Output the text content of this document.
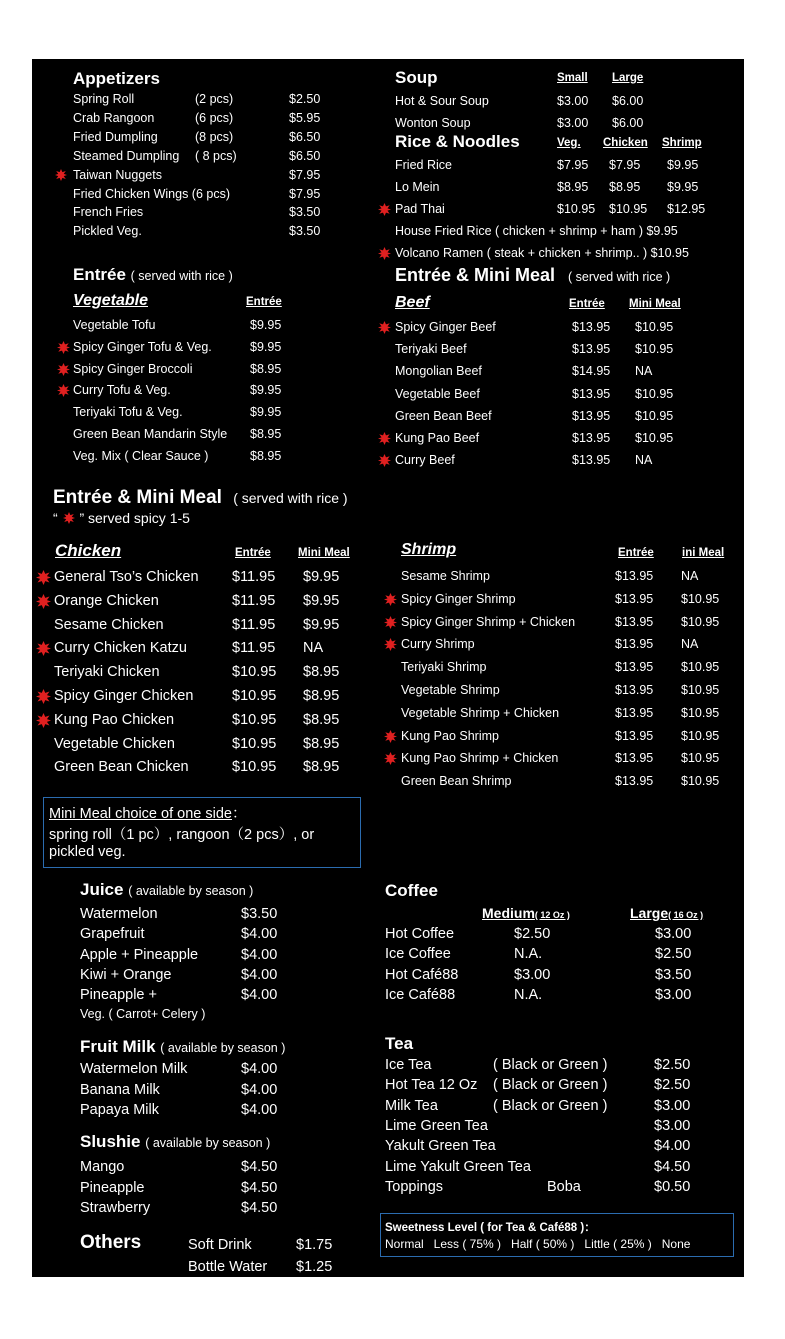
Appetizers
Spring Roll	(2 pcs)	$2.50
Crab Rangoon	(6 pcs)	$5.95
Fried Dumpling	(8 pcs)	$6.50
Steamed Dumpling ( 8 pcs)	$6.50
Taiwan Nuggets	$7.95
Fried Chicken Wings (6 pcs)	$7.95
French Fries	$3.50
Pickled Veg.	$3.50
Soup	Small Large
Hot & Sour Soup	$3.00 $6.00
Wonton Soup	$3.00 $6.00
Rice & Noodles	Veg. Chicken Shrimp
Fried Rice	$7.95 $7.95 $9.95
Lo Mein	$8.95 $8.95 $9.95
Pad Thai	$10.95 $10.95 $12.95
House Fried Rice ( chicken + shrimp + ham ) $9.95
Volcano Ramen ( steak + chicken + shrimp.. ) $10.95
Entrée ( served with rice )
Vegetable	Entrée
Vegetable Tofu	$9.95
Spicy Ginger Tofu & Veg.	$9.95
Spicy Ginger Broccoli	$8.95
Curry Tofu & Veg.	$9.95
Teriyaki Tofu & Veg.	$9.95
Green Bean Mandarin Style $8.95
Veg. Mix ( Clear Sauce )	$8.95
Entrée & Mini Meal ( served with rice )
Beef	Entrée Mini Meal
Spicy Ginger Beef	$13.95 $10.95
Teriyaki Beef	$13.95 $10.95
Mongolian Beef	$14.95 NA
Vegetable Beef	$13.95 $10.95
Green Bean Beef	$13.95 $10.95
Kung Pao Beef	$13.95 $10.95
Curry Beef	$13.95 NA
Entrée & Mini Meal ( served with rice )
“ ” served spicy 1-5
Chicken	Entrée Mini Meal
General Tso’s Chicken $11.95 $9.95
Orange Chicken	$11.95 $9.95
Sesame Chicken	$11.95 $9.95
Curry Chicken Katzu	$11.95 NA
Teriyaki Chicken	$10.95 $8.95
Spicy Ginger Chicken	$10.95 $8.95
Kung Pao Chicken	$10.95 $8.95
Vegetable Chicken	$10.95 $8.95
Green Bean Chicken	$10.95 $8.95
Shrimp	Entrée ini Meal
Sesame Shrimp	$13.95 NA
Spicy Ginger Shrimp	$13.95 $10.95
Spicy Ginger Shrimp + Chicken	$13.95 $10.95
Curry Shrimp	$13.95 NA
Teriyaki Shrimp	$13.95 $10.95
Vegetable Shrimp	$13.95 $10.95
Vegetable Shrimp + Chicken	$13.95 $10.95
Kung Pao Shrimp	$13.95 $10.95
Kung Pao Shrimp + Chicken	$13.95 $10.95
Green Bean Shrimp	$13.95 $10.95
Mini Meal choice of one side：
spring roll（1 pc）, rangoon（2 pcs）, or
pickled veg.
Juice ( available by season )
Watermelon	$3.50
Grapefruit	$4.00
Apple + Pineapple	$4.00
Kiwi + Orange	$4.00
Pineapple +	$4.00
Veg. ( Carrot+ Celery )
Fruit Milk ( available by season )
Watermelon Milk	$4.00
Banana Milk	$4.00
Papaya Milk	$4.00
Slushie ( available by season )
Mango	$4.50
Pineapple	$4.50
Strawberry	$4.50
Others	Soft Drink	$1.75
Bottle Water $1.25
Coffee
Medium( 12 Oz )	Large( 16 Oz )
Hot Coffee	$2.50	$3.00
Ice Coffee	N.A.	$2.50
Hot Café88	$3.00	$3.50
Ice Café88	N.A.	$3.00
Tea
Ice Tea	( Black or Green )	$2.50
Hot Tea 12 Oz ( Black or Green )	$2.50
Milk Tea	( Black or Green )	$3.00
Lime Green Tea	$3.00
Yakult Green Tea	$4.00
Lime Yakult Green Tea	$4.50
Toppings	Boba	$0.50
Sweetness Level ( for Tea & Café88 )：
Normal   Less ( 75% )   Half ( 50% )   Little ( 25% )   None
